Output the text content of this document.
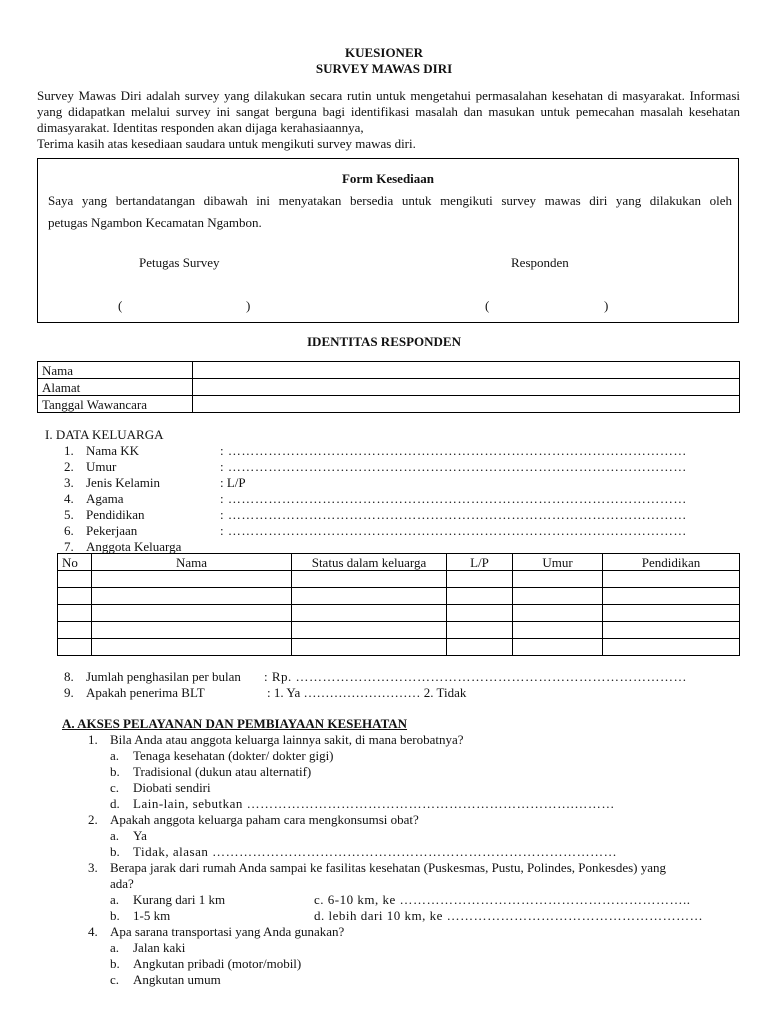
KUESIONER
SURVEY MAWAS DIRI

Survey Mawas Diri adalah survey yang dilakukan secara rutin untuk mengetahui permasalahan kesehatan di masyarakat. Informasi yang didapatkan melalui survey ini sangat berguna bagi identifikasi masalah dan masukan untuk pemecahan masalah kesehatan dimasyarakat. Identitas responden akan dijaga kerahasiaannya,

Terima kasih atas kesediaan saudara untuk mengikuti survey mawas diri.

Form Kesediaan
Saya yang bertandatangan dibawah ini menyatakan bersedia untuk mengikuti survey mawas diri yang dilakukan oleh
petugas Ngambon Kecamatan Ngambon.
Petugas Survey	Responden
(	)	(	)
IDENTITAS RESPONDEN
Nama	
Alamat	
Tanggal Wawancara	
I. DATA KELUARGA
1. Nama KK	: …………………………………………………………………………………………
2. Umur	: …………………………………………………………………………………………
3. Jenis Kelamin	: L/P
4. Agama	: …………………………………………………………………………………………
5. Pendidikan	: …………………………………………………………………………………………
6. Pekerjaan	: …………………………………………………………………………………………
7. Anggota Keluarga
No	Nama	Status dalam keluarga	L/P	Umur	Pendidikan

8. Jumlah penghasilan per bulan : Rp. ……………………………………………………………………………
9. Apakah penerima BLT	: 1. Ya ……………………… 2. Tidak
A. AKSES PELAYANAN DAN PEMBIAYAAN KESEHATAN
1. Bila Anda atau anggota keluarga lainnya sakit, di mana berobatnya?
a. Tenaga kesehatan (dokter/ dokter gigi)
b. Tradisional (dukun atau alternatif)
c. Diobati sendiri
d. Lain-lain, sebutkan ……………………………………………………………….………
2. Apakah anggota keluarga paham cara mengkonsumsi obat?
a. Ya
b. Tidak, alasan ………………………………………………………………………………
3. Berapa jarak dari rumah Anda sampai ke fasilitas kesehatan (Puskesmas, Pustu, Polindes, Ponkesdes) yang
ada?
a. Kurang dari 1 km	c. 6-10 km, ke ………………………………………………………..
b. 1-5 km	d. lebih dari 10 km, ke …………………………………………………
4. Apa sarana transportasi yang Anda gunakan?
a. Jalan kaki
b. Angkutan pribadi (motor/mobil)
c. Angkutan umum
